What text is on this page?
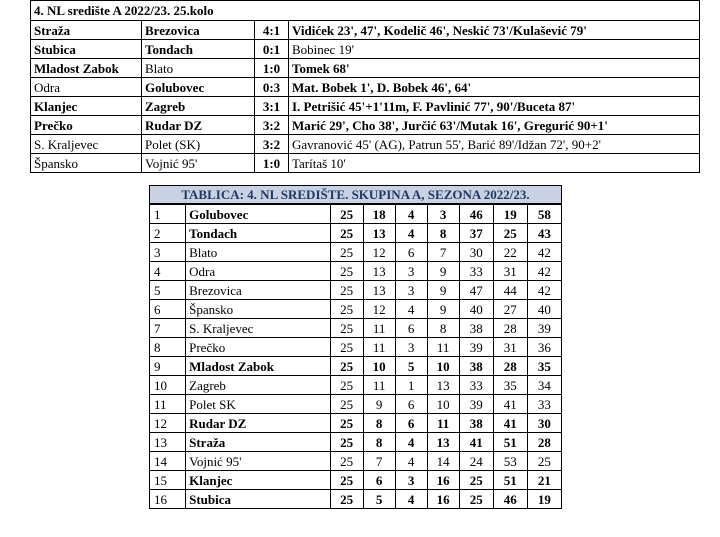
4. NL središte A 2022/23. 25.kolo			
Straža	Brezovica	4:1	Vidićek 23', 47', Kodelič 46', Neskić 73'/Kulašević 79'
Stubica	Tondach	0:1	Bobinec 19'
Mladost Zabok	Blato	1:0	Tomek 68'
Odra	Golubovec	0:3	Mat. Bobek 1', D. Bobek 46', 64'
Klanjec	Zagreb	3:1	I. Petrišić 45'+1'11m, F. Pavlinić 77', 90'/Buceta 87'
Prečko	Rudar DZ	3:2	Marić 29', Cho 38', Jurčić 63'/Mutak 16', Gregurić 90+1'
S. Kraljevec	Polet (SK)	3:2	Gavranović 45' (AG), Patrun 55', Barić 89'/Idžan 72', 90+2'
Špansko	Vojnić 95'	1:0	Tarítaš 10'
TABLICA: 4. NL SREDIŠTE. SKUPINA A, SEZONA 2022/23.								
1	Golubovec	25	18	4	3	46	19	58
2	Tondach	25	13	4	8	37	25	43
3	Blato	25	12	6	7	30	22	42
4	Odra	25	13	3	9	33	31	42
5	Brezovica	25	13	3	9	47	44	42
6	Špansko	25	12	4	9	40	27	40
7	S. Kraljevec	25	11	6	8	38	28	39
8	Prečko	25	11	3	11	39	31	36
9	Mladost Zabok	25	10	5	10	38	28	35
10	Zagreb	25	11	1	13	33	35	34
11	Polet SK	25	9	6	10	39	41	33
12	Rudar DZ	25	8	6	11	38	41	30
13	Straža	25	8	4	13	41	51	28
14	Vojnić 95'	25	7	4	14	24	53	25
15	Klanjec	25	6	3	16	25	51	21
16	Stubica	25	5	4	16	25	46	19
